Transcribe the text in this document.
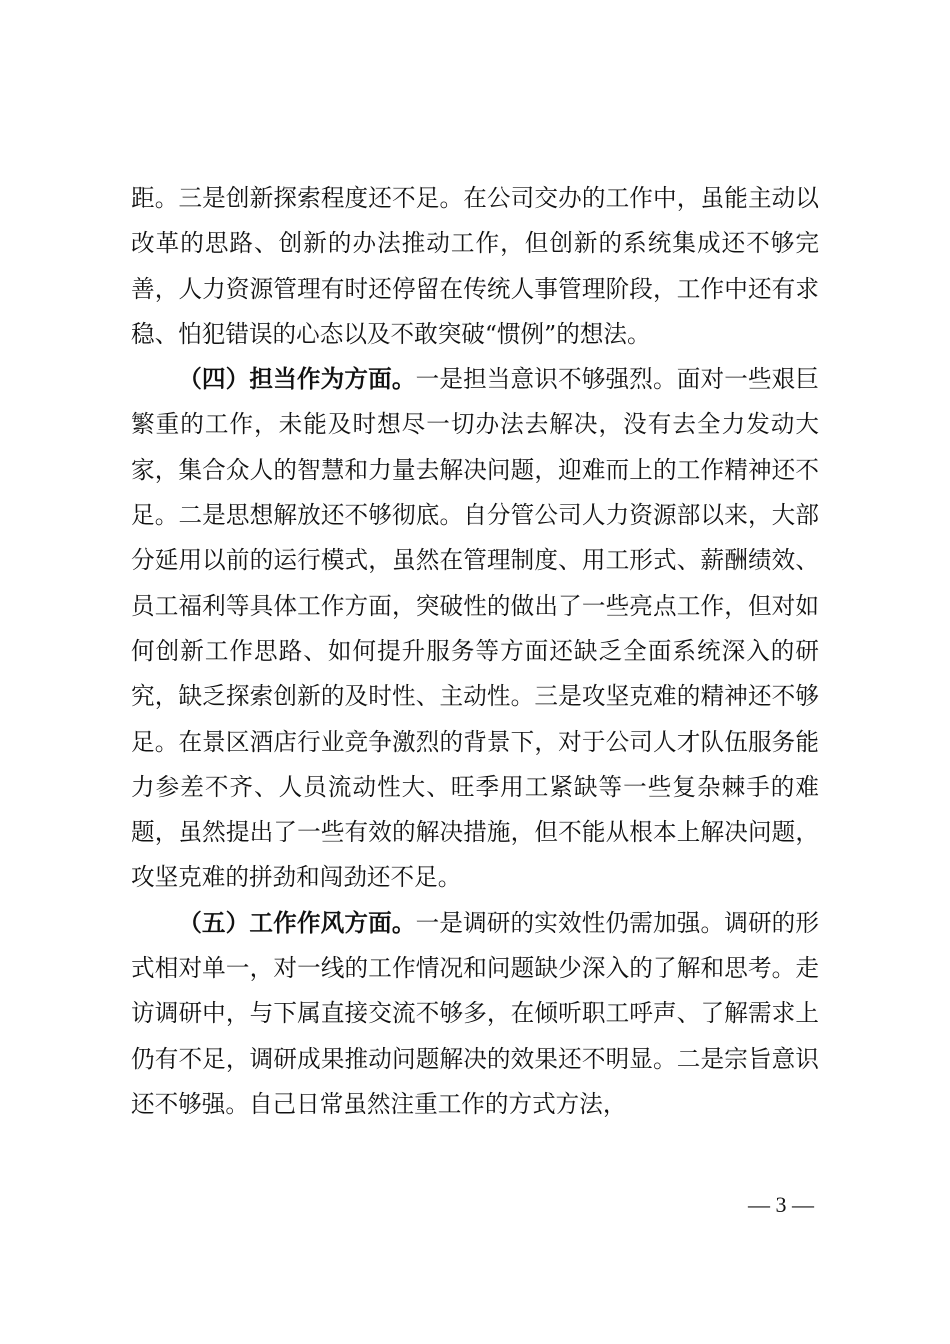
距。三是创新探索程度还不足。在公司交办的工作中，虽能主动以改革的思路、创新的办法推动工作，但创新的系统集成还不够完善，人力资源管理有时还停留在传统人事管理阶段，工作中还有求稳、怕犯错误的心态以及不敢突破“惯例”的想法。

（四）担当作为方面。一是担当意识不够强烈。面对一些艰巨繁重的工作，未能及时想尽一切办法去解决，没有去全力发动大家，集合众人的智慧和力量去解决问题，迎难而上的工作精神还不足。二是思想解放还不够彻底。自分管公司人力资源部以来，大部分延用以前的运行模式，虽然在管理制度、用工形式、薪酬绩效、员工福利等具体工作方面，突破性的做出了一些亮点工作，但对如何创新工作思路、如何提升服务等方面还缺乏全面系统深入的研究，缺乏探索创新的及时性、主动性。三是攻坚克难的精神还不够足。在景区酒店行业竞争激烈的背景下，对于公司人才队伍服务能力参差不齐、人员流动性大、旺季用工紧缺等一些复杂棘手的难题，虽然提出了一些有效的解决措施，但不能从根本上解决问题，攻坚克难的拼劲和闯劲还不足。

（五）工作作风方面。一是调研的实效性仍需加强。调研的形式相对单一，对一线的工作情况和问题缺少深入的了解和思考。走访调研中，与下属直接交流不够多，在倾听职工呼声、了解需求上仍有不足，调研成果推动问题解决的效果还不明显。二是宗旨意识还不够强。自己日常虽然注重工作的方式方法，

— 3 —
